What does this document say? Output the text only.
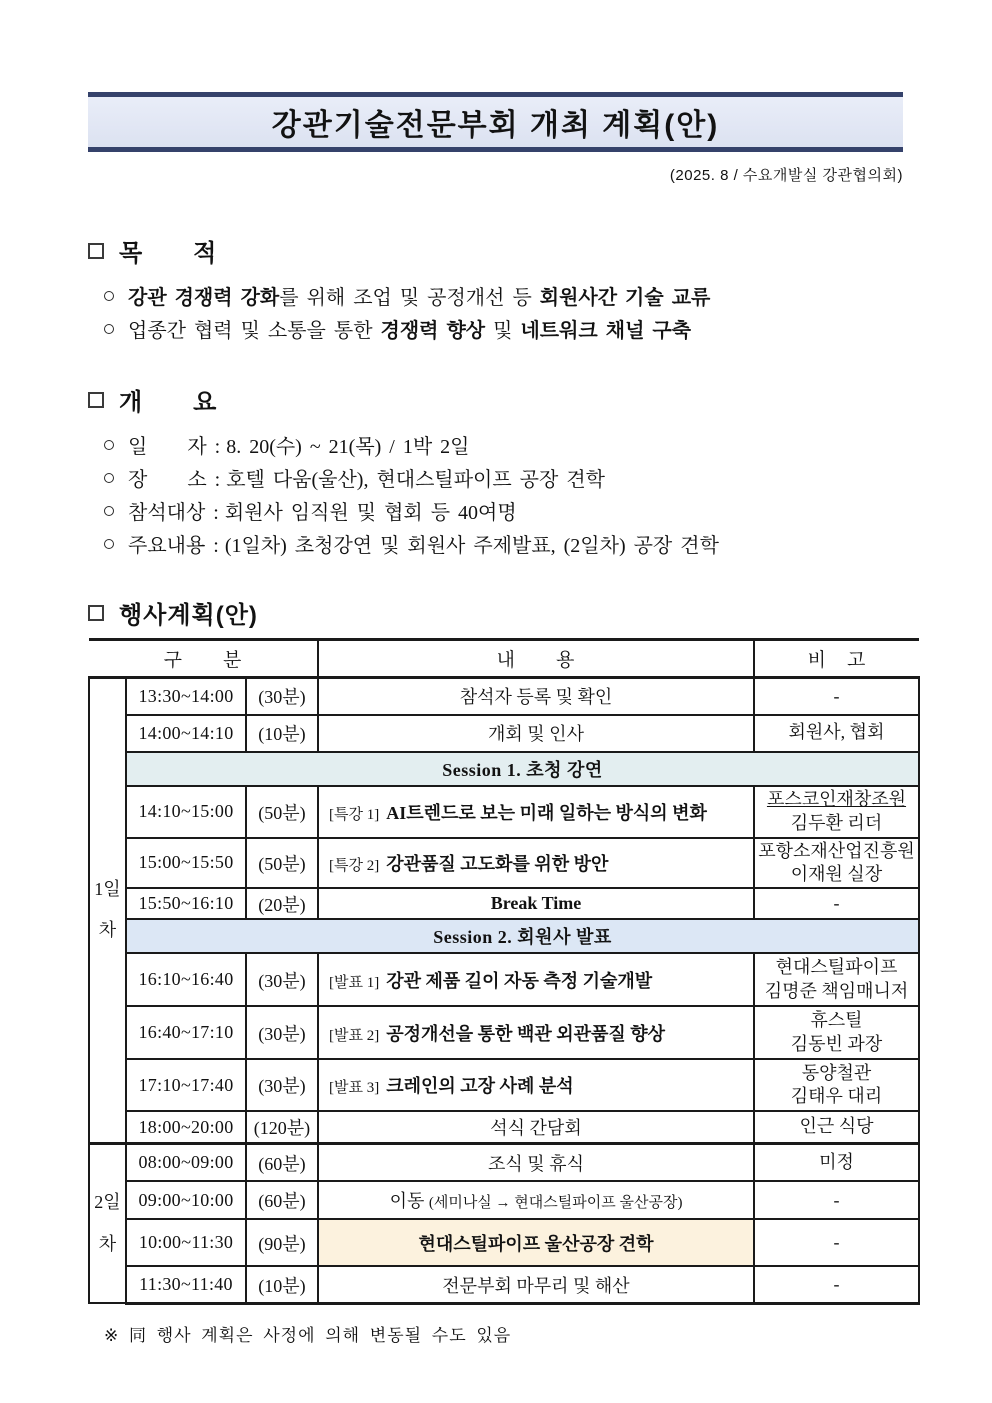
강관기술전문부회 개최 계획(안)
(2025. 8 / 수요개발실 강관협의회)
목　　적
강관 경쟁력 강화를 위해 조업 및 공정개선 등 회원사간 기술 교류
업종간 협력 및 소통을 통한 경쟁력 향상 및 네트워크 채널 구축
개　　요
일　　자 : 8. 20(수) ~ 21(목) / 1박 2일
장　　소 : 호텔 다움(울산), 현대스틸파이프 공장 견학
참석대상 : 회원사 임직원 및 협회 등 40여명
주요내용 : (1일차) 초청강연 및 회원사 주제발표, (2일차) 공장 견학
행사계획(안)
구　　분			내　　용	비　고
1일차	13:30~14:00	(30분)	참석자 등록 및 확인	-
	14:00~14:10	(10분)	개회 및 인사	회원사, 협회
	Session 1. 초청 강연			
	14:10~15:00	(50분)	[특강 1] AI트렌드로 보는 미래 일하는 방식의 변화	포스코인재창조원
김두환 리더
	15:00~15:50	(50분)	[특강 2] 강관품질 고도화를 위한 방안	포항소재산업진흥원
이재원 실장
	15:50~16:10	(20분)	Break Time	-
	Session 2. 회원사 발표			
	16:10~16:40	(30분)	[발표 1] 강관 제품 길이 자동 측정 기술개발	현대스틸파이프
김명준 책임매니저
	16:40~17:10	(30분)	[발표 2] 공정개선을 통한 백관 외관품질 향상	휴스틸
김동빈 과장
	17:10~17:40	(30분)	[발표 3] 크레인의 고장 사례 분석	동양철관
김태우 대리
	18:00~20:00	(120분)	석식 간담회	인근 식당
2일차	08:00~09:00	(60분)	조식 및 휴식	미정
	09:00~10:00	(60분)	이동 (세미나실 → 현대스틸파이프 울산공장)	-
	10:00~11:30	(90분)	현대스틸파이프 울산공장 견학	-
	11:30~11:40	(10분)	전문부회 마무리 및 해산	-
※ 同 행사 계획은 사정에 의해 변동될 수도 있음
